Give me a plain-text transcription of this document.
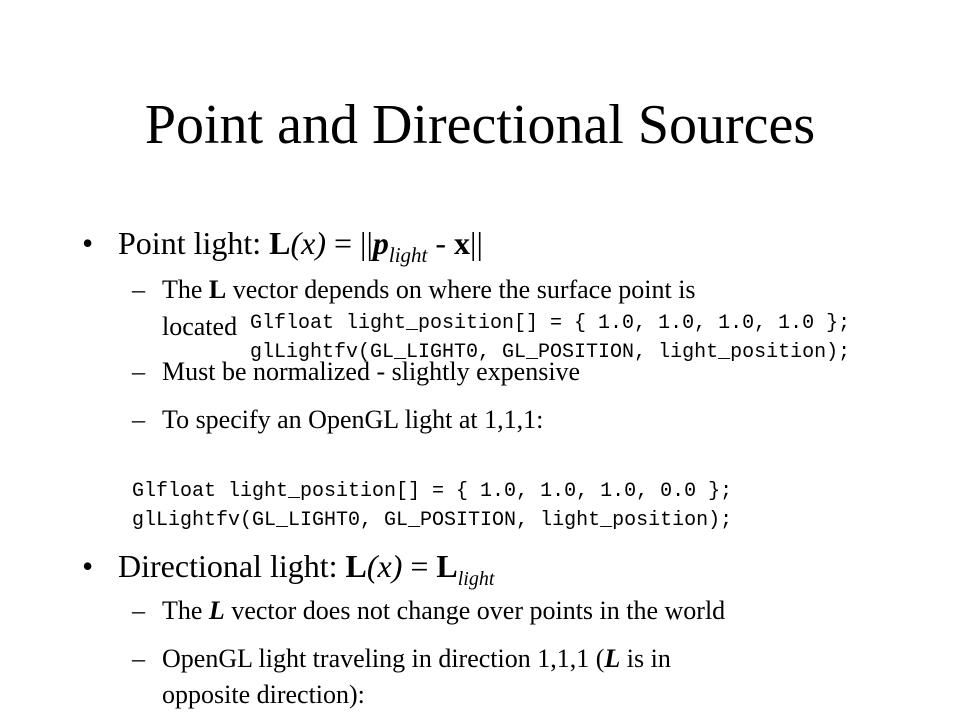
Point and Directional Sources
• Point light: $L(x) = ||p_{light} - x||$
– The L vector depends on where the surface point is
located
– Must be normalized - slightly expensive
– To specify an OpenGL light at 1,1,1:
Glfloat light_position[] = { 1.0, 1.0, 1.0, 1.0 };
glLightfv(GL_LIGHT0, GL_POSITION, light_position);
Glfloat light_position[] = { 1.0, 1.0, 1.0, 0.0 };
glLightfv(GL_LIGHT0, GL_POSITION, light_position);
• Directional light: $L(x) = L_{light}$
– The L vector does not change over points in the world
– OpenGL light traveling in direction 1,1,1 (L is in
opposite direction):
